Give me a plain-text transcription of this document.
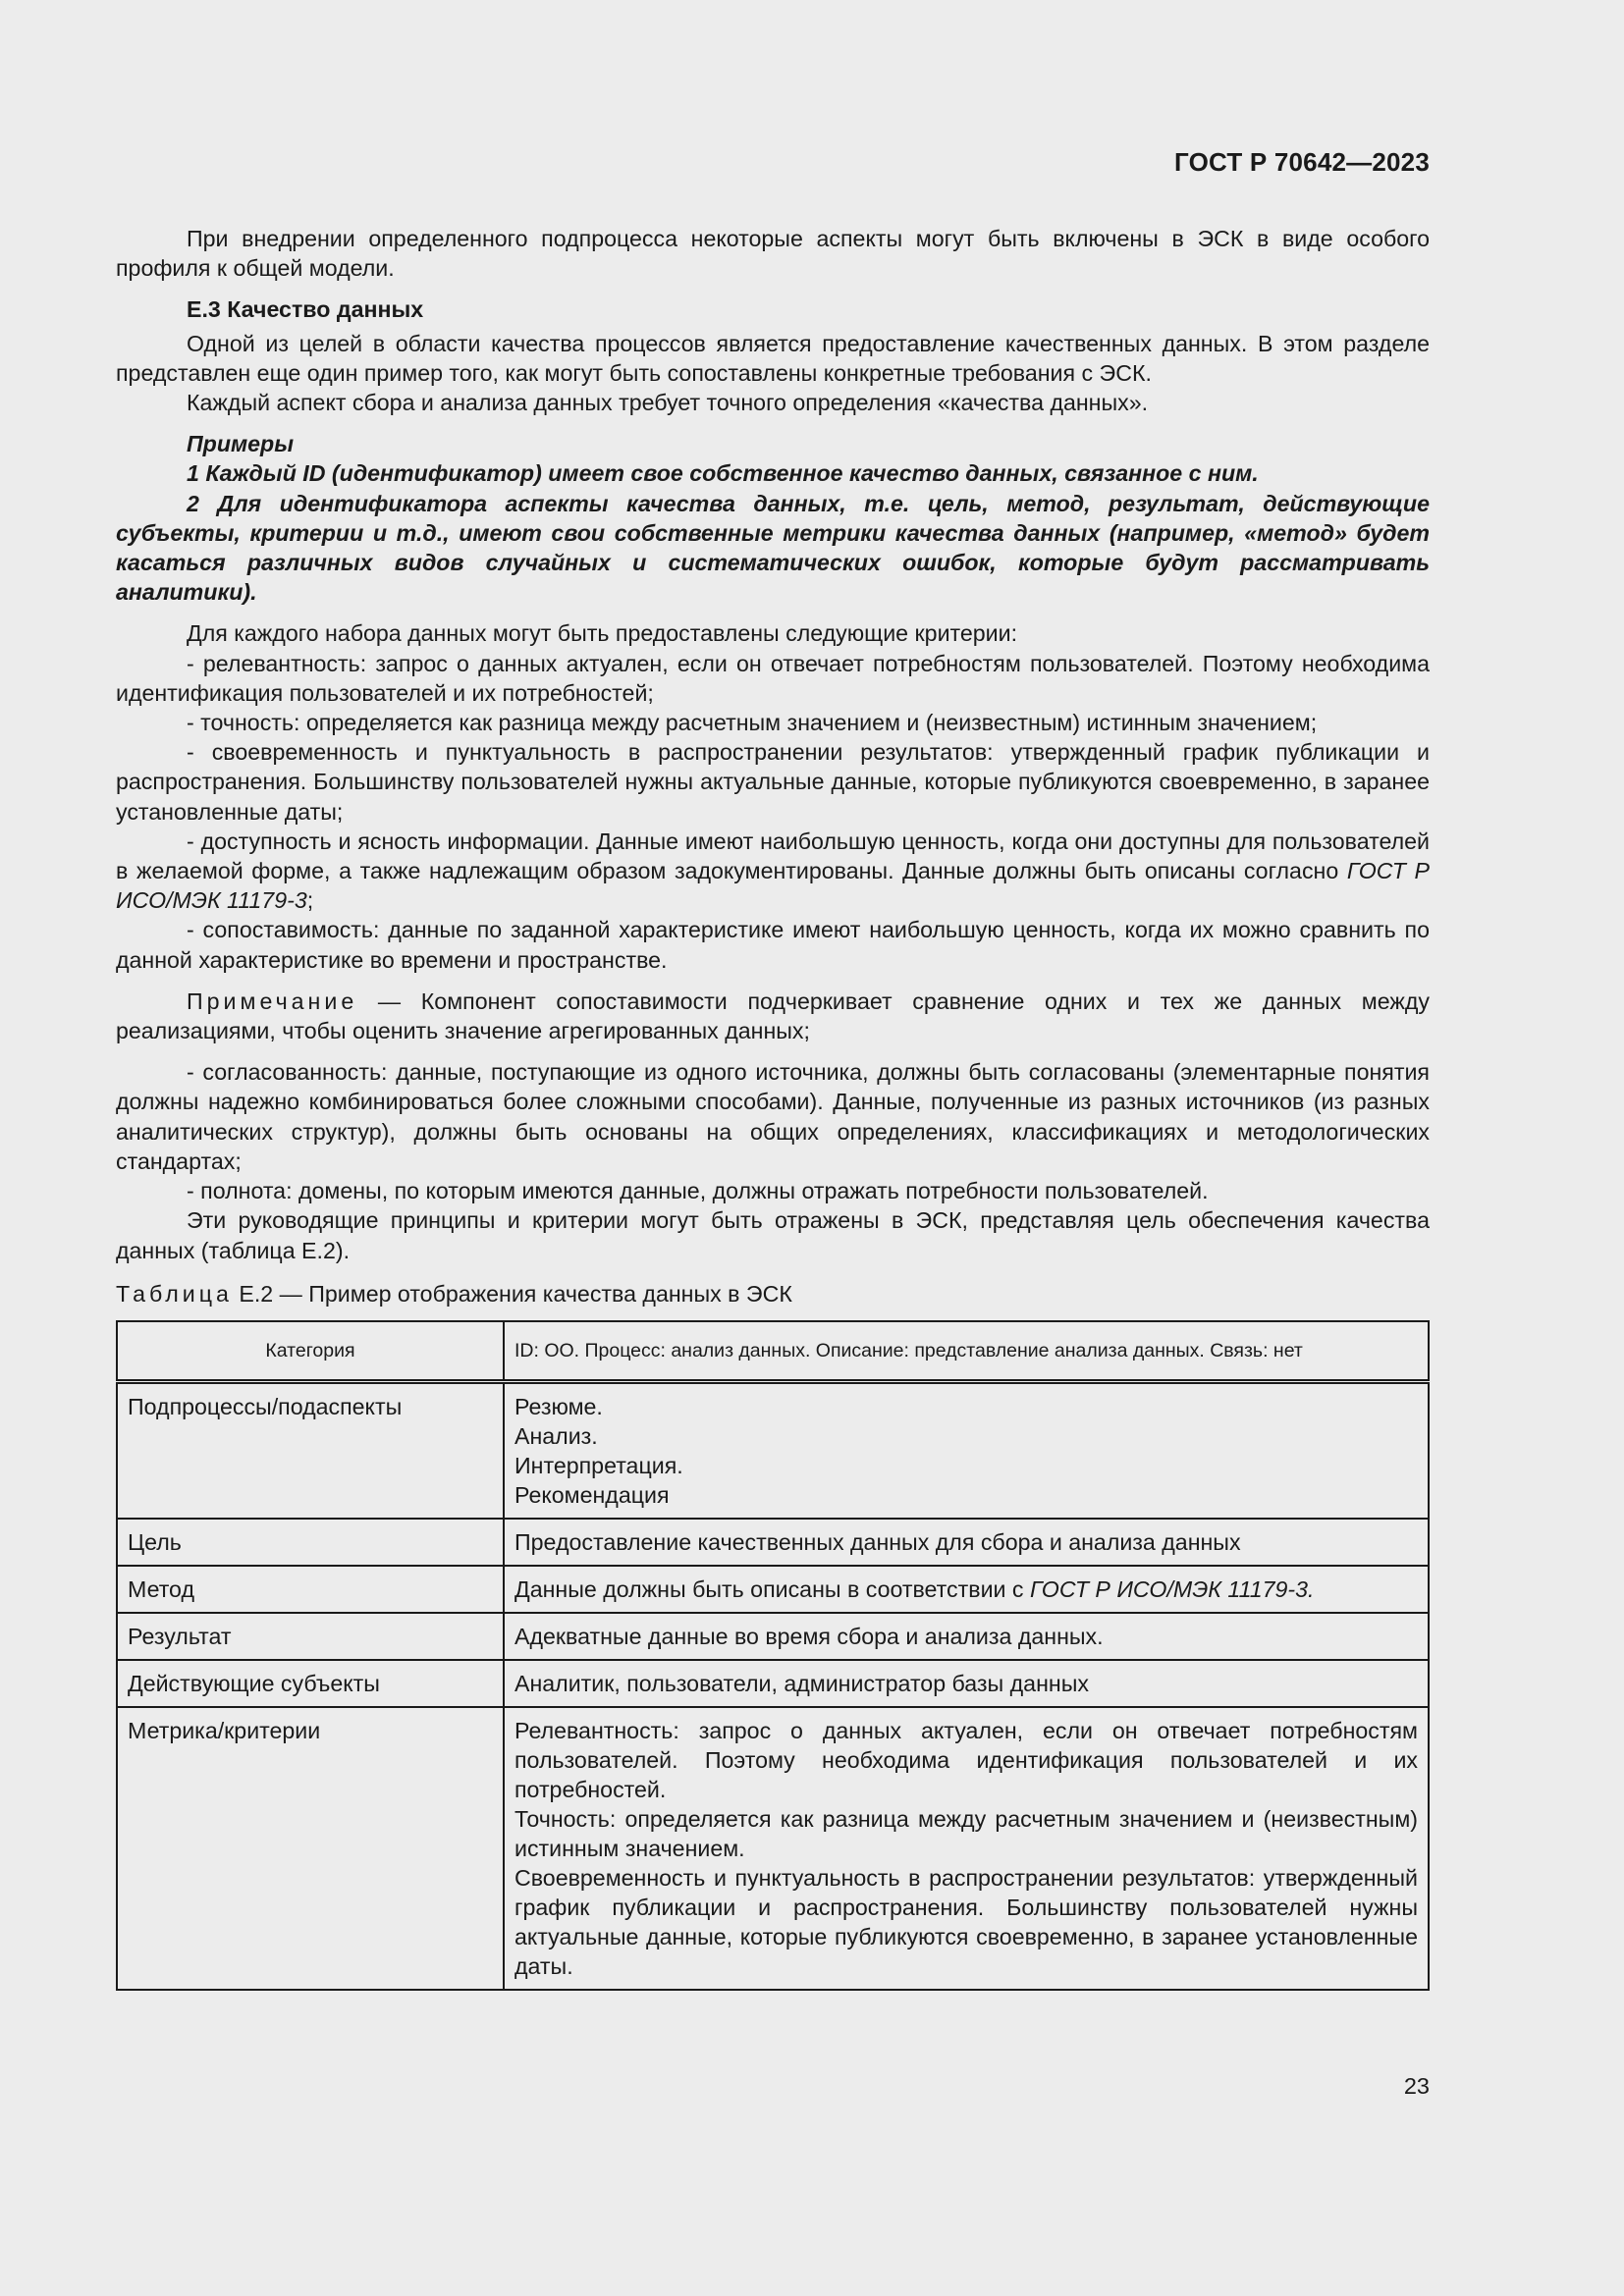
ГОСТ Р 70642—2023

При внедрении определенного подпроцесса некоторые аспекты могут быть включены в ЭСК в виде особого профиля к общей модели.

Е.3 Качество данных

Одной из целей в области качества процессов является предоставление качественных данных. В этом разделе представлен еще один пример того, как могут быть сопоставлены конкретные требования с ЭСК.

Каждый аспект сбора и анализа данных требует точного определения «качества данных».

Примеры

1 Каждый ID (идентификатор) имеет свое собственное качество данных, связанное с ним.

2 Для идентификатора аспекты качества данных, т.е. цель, метод, результат, действующие субъекты, критерии и т.д., имеют свои собственные метрики качества данных (например, «метод» будет касаться различных видов случайных и систематических ошибок, которые будут рассматривать аналитики).

Для каждого набора данных могут быть предоставлены следующие критерии:

- релевантность: запрос о данных актуален, если он отвечает потребностям пользователей. Поэтому необходима идентификация пользователей и их потребностей;

- точность: определяется как разница между расчетным значением и (неизвестным) истинным значением;

- своевременность и пунктуальность в распространении результатов: утвержденный график публикации и распространения. Большинству пользователей нужны актуальные данные, которые публикуются своевременно, в заранее установленные даты;

- доступность и ясность информации. Данные имеют наибольшую ценность, когда они доступны для пользователей в желаемой форме, а также надлежащим образом задокументированы. Данные должны быть описаны согласно ГОСТ Р ИСО/МЭК 11179-3;

- сопоставимость: данные по заданной характеристике имеют наибольшую ценность, когда их можно сравнить по данной характеристике во времени и пространстве.

Примечание — Компонент сопоставимости подчеркивает сравнение одних и тех же данных между реализациями, чтобы оценить значение агрегированных данных;

- согласованность: данные, поступающие из одного источника, должны быть согласованы (элементарные понятия должны надежно комбинироваться более сложными способами). Данные, полученные из разных источников (из разных аналитических структур), должны быть основаны на общих определениях, классификациях и методологических стандартах;

- полнота: домены, по которым имеются данные, должны отражать потребности пользователей.

Эти руководящие принципы и критерии могут быть отражены в ЭСК, представляя цель обеспечения качества данных (таблица Е.2).

Таблица Е.2 — Пример отображения качества данных в ЭСК

Категория	ID: OO. Процесс: анализ данных. Описание: представление анализа данных. Связь: нет
Подпроцессы/подаспекты	Резюме.
Анализ.
Интерпретация.
Рекомендация

Цель	Предоставление качественных данных для сбора и анализа данных
Метод	Данные должны быть описаны в соответствии с ГОСТ Р ИСО/МЭК 11179-3.
Результат	Адекватные данные во время сбора и анализа данных.
Действующие субъекты	Аналитик, пользователи, администратор базы данных
Метрика/критерии	Релевантность: запрос о данных актуален, если он отвечает потребностям пользователей. Поэтому необходима идентификация пользователей и их потребностей.
Точность: определяется как разница между расчетным значением и (неизвестным) истинным значением.
Своевременность и пунктуальность в распространении результатов: утвержденный график публикации и распространения. Большинству пользователей нужны актуальные данные, которые публикуются своевременно, в заранее установленные даты.
23
